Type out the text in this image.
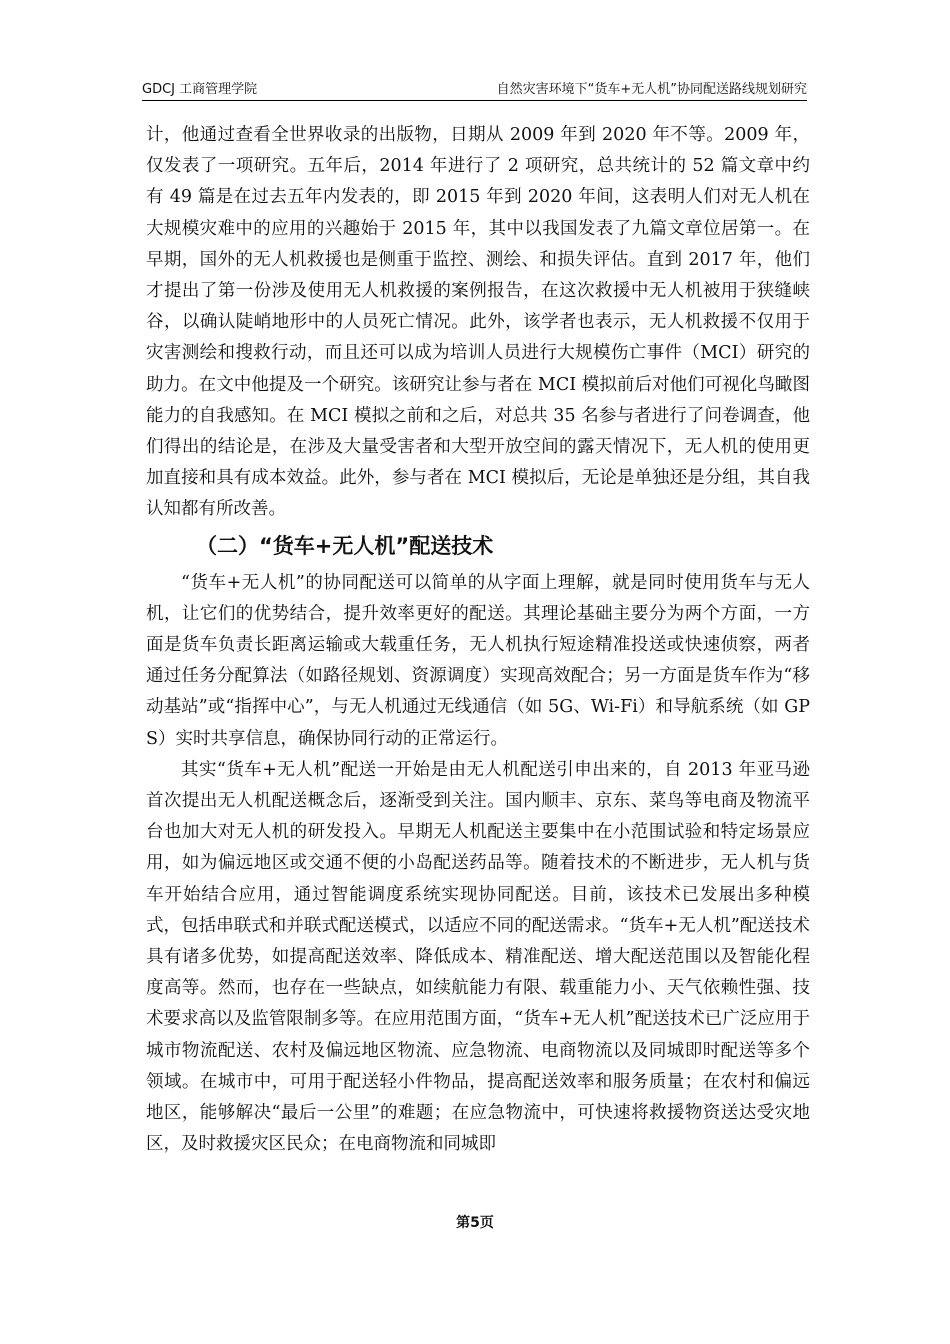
GDCJ 工商管理学院	自然灾害环境下“货车+无人机”协同配送路线规划研究

计，他通过查看全世界收录的出版物，日期从 2009 年到 2020 年不等。2009 年，仅发表了一项研究。五年后，2014 年进行了 2 项研究，总共统计的 52 篇文章中约有 49 篇是在过去五年内发表的，即 2015 年到 2020 年间，这表明人们对无人机在大规模灾难中的应用的兴趣始于 2015 年，其中以我国发表了九篇文章位居第一。在早期，国外的无人机救援也是侧重于监控、测绘、和损失评估。直到 2017 年，他们才提出了第一份涉及使用无人机救援的案例报告，在这次救援中无人机被用于狭缝峡谷，以确认陡峭地形中的人员死亡情况。此外，该学者也表示，无人机救援不仅用于灾害测绘和搜救行动，而且还可以成为培训人员进行大规模伤亡事件（MCI）研究的助力。在文中他提及一个研究。该研究让参与者在 MCI 模拟前后对他们可视化鸟瞰图能力的自我感知。在 MCI 模拟之前和之后，对总共 35 名参与者进行了问卷调查，他们得出的结论是，在涉及大量受害者和大型开放空间的露天情况下，无人机的使用更加直接和具有成本效益。此外，参与者在 MCI 模拟后，无论是单独还是分组，其自我认知都有所改善。

（二）“货车+无人机”配送技术

“货车+无人机”的协同配送可以简单的从字面上理解，就是同时使用货车与无人机，让它们的优势结合，提升效率更好的配送。其理论基础主要分为两个方面，一方面是货车负责长距离运输或大载重任务，无人机执行短途精准投送或快速侦察，两者通过任务分配算法（如路径规划、资源调度）实现高效配合；另一方面是货车作为“移动基站”或“指挥中心”，与无人机通过无线通信（如 5G、Wi-Fi）和导航系统（如 GPS）实时共享信息，确保协同行动的正常运行。

其实“货车+无人机”配送一开始是由无人机配送引申出来的，自 2013 年亚马逊首次提出无人机配送概念后，逐渐受到关注。国内顺丰、京东、菜鸟等电商及物流平台也加大对无人机的研发投入。早期无人机配送主要集中在小范围试验和特定场景应用，如为偏远地区或交通不便的小岛配送药品等。随着技术的不断进步，无人机与货车开始结合应用，通过智能调度系统实现协同配送。目前，该技术已发展出多种模式，包括串联式和并联式配送模式，以适应不同的配送需求。“货车+无人机”配送技术具有诸多优势，如提高配送效率、降低成本、精准配送、增大配送范围以及智能化程度高等。然而，也存在一些缺点，如续航能力有限、载重能力小、天气依赖性强、技术要求高以及监管限制多等。在应用范围方面，“货车+无人机”配送技术已广泛应用于城市物流配送、农村及偏远地区物流、应急物流、电商物流以及同城即时配送等多个领域。在城市中，可用于配送轻小件物品，提高配送效率和服务质量；在农村和偏远地区，能够解决“最后一公里”的难题；在应急物流中，可快速将救援物资送达受灾地区，及时救援灾区民众；在电商物流和同城即

第5页
